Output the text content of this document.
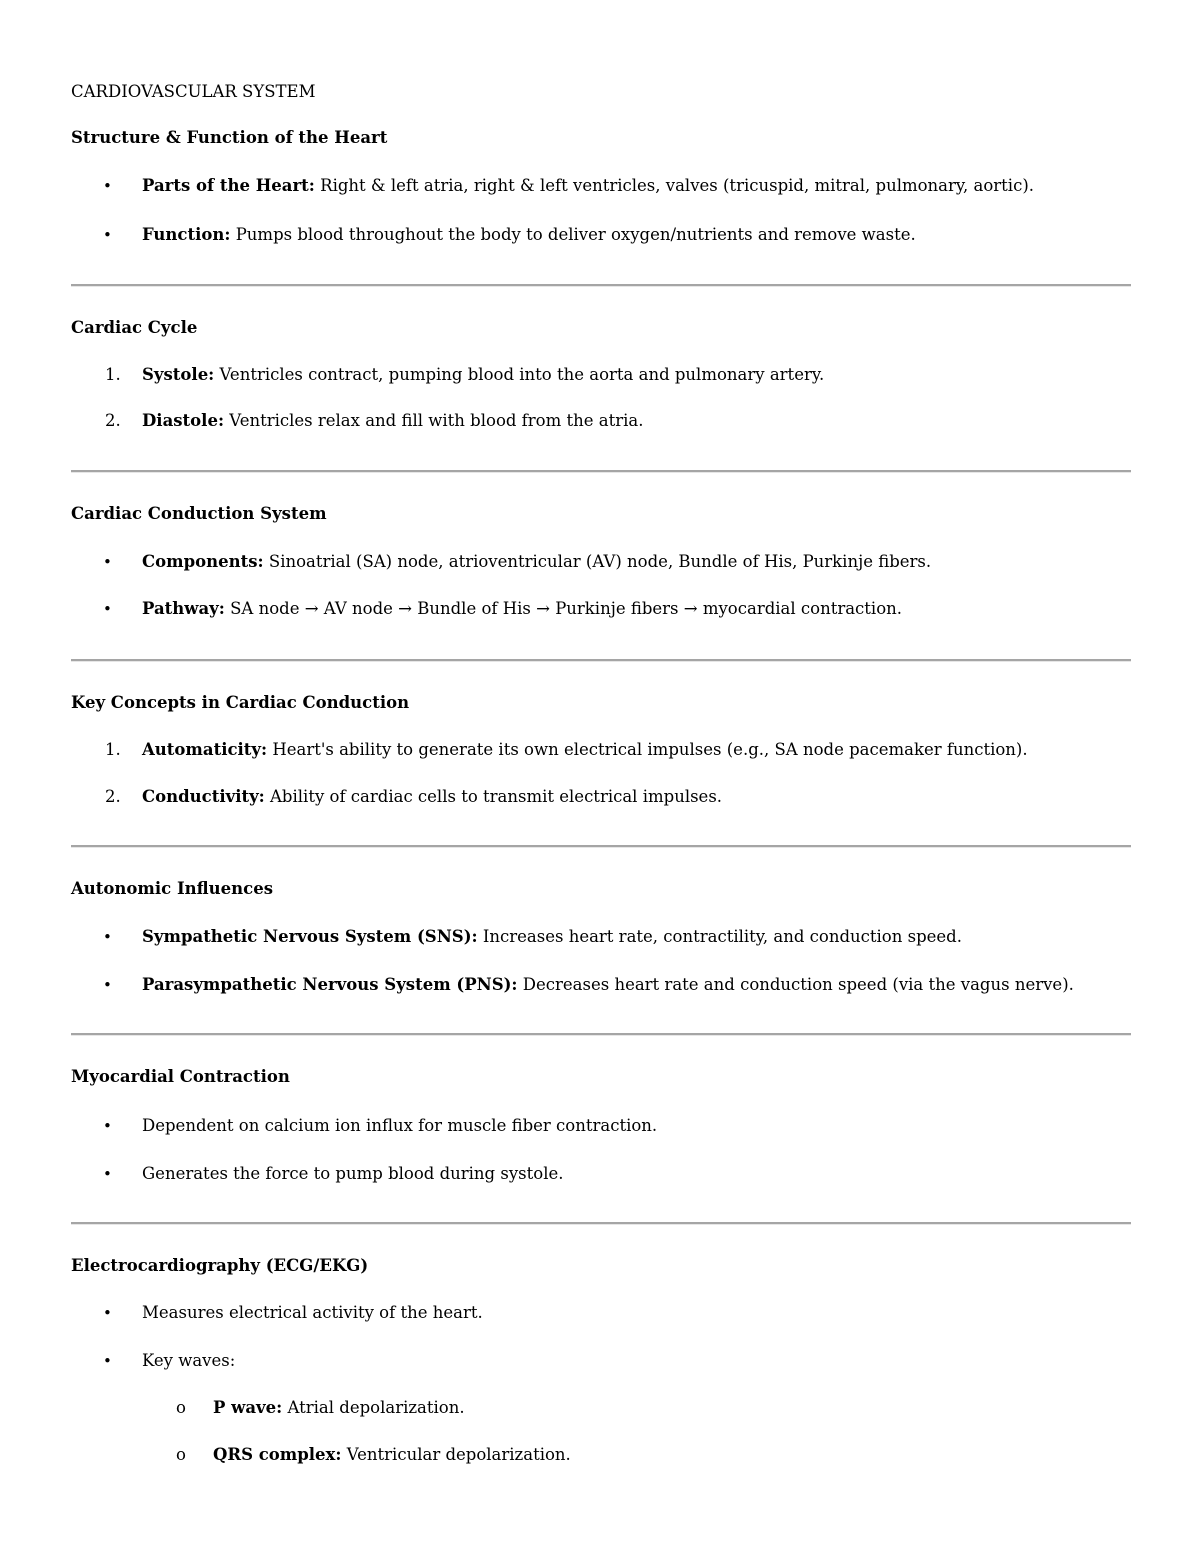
CARDIOVASCULAR SYSTEM
Structure & Function of the Heart
•	Parts of the Heart: Right & left atria, right & left ventricles, valves (tricuspid, mitral, pulmonary, aortic).
•	Function: Pumps blood throughout the body to deliver oxygen/nutrients and remove waste.
Cardiac Cycle
1. Systole: Ventricles contract, pumping blood into the aorta and pulmonary artery.
2. Diastole: Ventricles relax and fill with blood from the atria.
Cardiac Conduction System
•	Components: Sinoatrial (SA) node, atrioventricular (AV) node, Bundle of His, Purkinje fibers.
•	Pathway: SA node → AV node → Bundle of His → Purkinje fibers → myocardial contraction.
Key Concepts in Cardiac Conduction
1. Automaticity: Heart's ability to generate its own electrical impulses (e.g., SA node pacemaker function).
2. Conductivity: Ability of cardiac cells to transmit electrical impulses.
Autonomic Influences
•	Sympathetic Nervous System (SNS): Increases heart rate, contractility, and conduction speed.
•	Parasympathetic Nervous System (PNS): Decreases heart rate and conduction speed (via the vagus nerve).
Myocardial Contraction
•	Dependent on calcium ion influx for muscle fiber contraction.
•	Generates the force to pump blood during systole.
Electrocardiography (ECG/EKG)
•	Measures electrical activity of the heart.
•	Key waves:
o	P wave: Atrial depolarization.
o	QRS complex: Ventricular depolarization.
